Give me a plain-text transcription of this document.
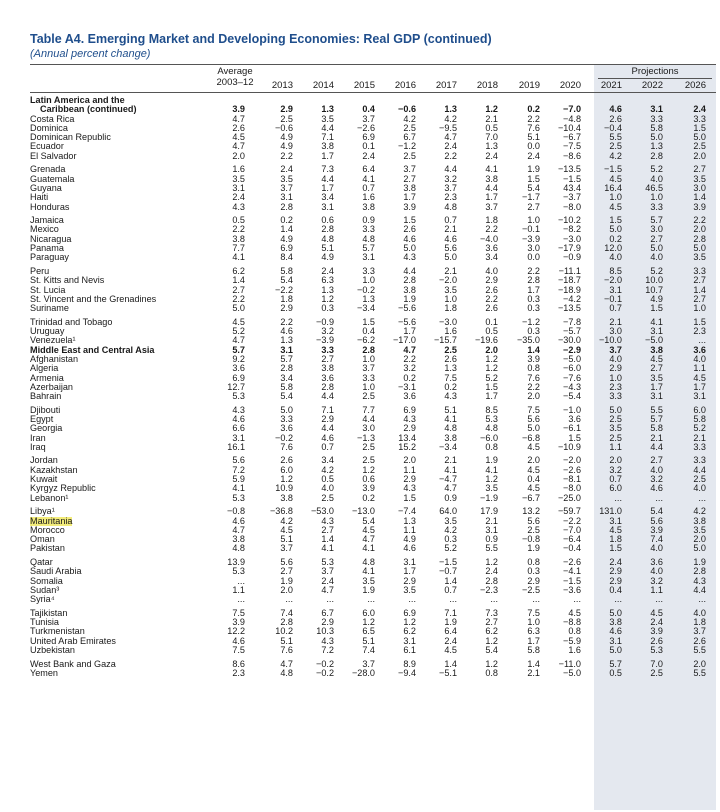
Table A4. Emerging Market and Developing Economies: Real GDP (continued)
(Annual percent change)
Average
2003–12
Projections
2013	2014	2015	2016	2017	2018	2019	2020	2021	2022	2026
Latin America and the
Caribbean (continued)	3.9	2.9	1.3	0.4	−0.6	1.3	1.2	0.2	−7.0	4.6	3.1	2.4
Costa Rica	4.7	2.5	3.5	3.7	4.2	4.2	2.1	2.2	−4.8	2.6	3.3	3.3
Dominica	2.6	−0.6	4.4	−2.6	2.5	−9.5	0.5	7.6	−10.4	−0.4	5.8	1.5
Dominican Republic	4.5	4.9	7.1	6.9	6.7	4.7	7.0	5.1	−6.7	5.5	5.0	5.0
Ecuador	4.7	4.9	3.8	0.1	−1.2	2.4	1.3	0.0	−7.5	2.5	1.3	2.5
El Salvador	2.0	2.2	1.7	2.4	2.5	2.2	2.4	2.4	−8.6	4.2	2.8	2.0
Grenada	1.6	2.4	7.3	6.4	3.7	4.4	4.1	1.9	−13.5	−1.5	5.2	2.7
Guatemala	3.5	3.5	4.4	4.1	2.7	3.2	3.8	1.5	−1.5	4.5	4.0	3.5
Guyana	3.1	3.7	1.7	0.7	3.8	3.7	4.4	5.4	43.4	16.4	46.5	3.0
Haiti	2.4	3.1	3.4	1.6	1.7	2.3	1.7	−1.7	−3.7	1.0	1.0	1.4
Honduras	4.3	2.8	3.1	3.8	3.9	4.8	3.7	2.7	−8.0	4.5	3.3	3.9
Jamaica	0.5	0.2	0.6	0.9	1.5	0.7	1.8	1.0	−10.2	1.5	5.7	2.2
Mexico	2.2	1.4	2.8	3.3	2.6	2.1	2.2	−0.1	−8.2	5.0	3.0	2.0
Nicaragua	3.8	4.9	4.8	4.8	4.6	4.6	−4.0	−3.9	−3.0	0.2	2.7	2.8
Panama	7.7	6.9	5.1	5.7	5.0	5.6	3.6	3.0	−17.9	12.0	5.0	5.0
Paraguay	4.1	8.4	4.9	3.1	4.3	5.0	3.4	0.0	−0.9	4.0	4.0	3.5
Peru	6.2	5.8	2.4	3.3	4.4	2.1	4.0	2.2	−11.1	8.5	5.2	3.3
St. Kitts and Nevis	1.4	5.4	6.3	1.0	2.8	−2.0	2.9	2.8	−18.7	−2.0	10.0	2.7
St. Lucia	2.7	−2.2	1.3	−0.2	3.8	3.5	2.6	1.7	−18.9	3.1	10.7	1.4
St. Vincent and the Grenadines	2.2	1.8	1.2	1.3	1.9	1.0	2.2	0.3	−4.2	−0.1	4.9	2.7
Suriname	5.0	2.9	0.3	−3.4	−5.6	1.8	2.6	0.3	−13.5	0.7	1.5	1.0
Trinidad and Tobago	4.5	2.2	−0.9	1.5	−5.6	−3.0	0.1	−1.2	−7.8	2.1	4.1	1.5
Uruguay	5.2	4.6	3.2	0.4	1.7	1.6	0.5	0.3	−5.7	3.0	3.1	2.3
Venezuela¹	4.7	1.3	−3.9	−6.2	−17.0	−15.7	−19.6	−35.0	−30.0	−10.0	−5.0	...
Middle East and Central Asia	5.7	3.1	3.3	2.8	4.7	2.5	2.0	1.4	−2.9	3.7	3.8	3.6
Afghanistan	9.2	5.7	2.7	1.0	2.2	2.6	1.2	3.9	−5.0	4.0	4.5	4.0
Algeria	3.6	2.8	3.8	3.7	3.2	1.3	1.2	0.8	−6.0	2.9	2.7	1.1
Armenia	6.9	3.4	3.6	3.3	0.2	7.5	5.2	7.6	−7.6	1.0	3.5	4.5
Azerbaijan	12.7	5.8	2.8	1.0	−3.1	0.2	1.5	2.2	−4.3	2.3	1.7	1.7
Bahrain	5.3	5.4	4.4	2.5	3.6	4.3	1.7	2.0	−5.4	3.3	3.1	3.1
Djibouti	4.3	5.0	7.1	7.7	6.9	5.1	8.5	7.5	−1.0	5.0	5.5	6.0
Egypt	4.6	3.3	2.9	4.4	4.3	4.1	5.3	5.6	3.6	2.5	5.7	5.8
Georgia	6.6	3.6	4.4	3.0	2.9	4.8	4.8	5.0	−6.1	3.5	5.8	5.2
Iran	3.1	−0.2	4.6	−1.3	13.4	3.8	−6.0	−6.8	1.5	2.5	2.1	2.1
Iraq	16.1	7.6	0.7	2.5	15.2	−3.4	0.8	4.5	−10.9	1.1	4.4	3.3
Jordan	5.6	2.6	3.4	2.5	2.0	2.1	1.9	2.0	−2.0	2.0	2.7	3.3
Kazakhstan	7.2	6.0	4.2	1.2	1.1	4.1	4.1	4.5	−2.6	3.2	4.0	4.4
Kuwait	5.9	1.2	0.5	0.6	2.9	−4.7	1.2	0.4	−8.1	0.7	3.2	2.5
Kyrgyz Republic	4.1	10.9	4.0	3.9	4.3	4.7	3.5	4.5	−8.0	6.0	4.6	4.0
Lebanon¹	5.3	3.8	2.5	0.2	1.5	0.9	−1.9	−6.7	−25.0	...	...	...
Libya¹	−0.8	−36.8	−53.0	−13.0	−7.4	64.0	17.9	13.2	−59.7	131.0	5.4	4.2
Mauritania	4.6	4.2	4.3	5.4	1.3	3.5	2.1	5.6	−2.2	3.1	5.6	3.8
Morocco	4.7	4.5	2.7	4.5	1.1	4.2	3.1	2.5	−7.0	4.5	3.9	3.5
Oman	3.8	5.1	1.4	4.7	4.9	0.3	0.9	−0.8	−6.4	1.8	7.4	2.0
Pakistan	4.8	3.7	4.1	4.1	4.6	5.2	5.5	1.9	−0.4	1.5	4.0	5.0
Qatar	13.9	5.6	5.3	4.8	3.1	−1.5	1.2	0.8	−2.6	2.4	3.6	1.9
Saudi Arabia	5.3	2.7	3.7	4.1	1.7	−0.7	2.4	0.3	−4.1	2.9	4.0	2.8
Somalia	...	1.9	2.4	3.5	2.9	1.4	2.8	2.9	−1.5	2.9	3.2	4.3
Sudan³	1.1	2.0	4.7	1.9	3.5	0.7	−2.3	−2.5	−3.6	0.4	1.1	4.4
Syria⁴	...	...	...	...	...	...	...	...	...	...	...	...
Tajikistan	7.5	7.4	6.7	6.0	6.9	7.1	7.3	7.5	4.5	5.0	4.5	4.0
Tunisia	3.9	2.8	2.9	1.2	1.2	1.9	2.7	1.0	−8.8	3.8	2.4	1.8
Turkmenistan	12.2	10.2	10.3	6.5	6.2	6.4	6.2	6.3	0.8	4.6	3.9	3.7
United Arab Emirates	4.6	5.1	4.3	5.1	3.1	2.4	1.2	1.7	−5.9	3.1	2.6	2.6
Uzbekistan	7.5	7.6	7.2	7.4	6.1	4.5	5.4	5.8	1.6	5.0	5.3	5.5
West Bank and Gaza	8.6	4.7	−0.2	3.7	8.9	1.4	1.2	1.4	−11.0	5.7	7.0	2.0
Yemen	2.3	4.8	−0.2	−28.0	−9.4	−5.1	0.8	2.1	−5.0	0.5	2.5	5.5
